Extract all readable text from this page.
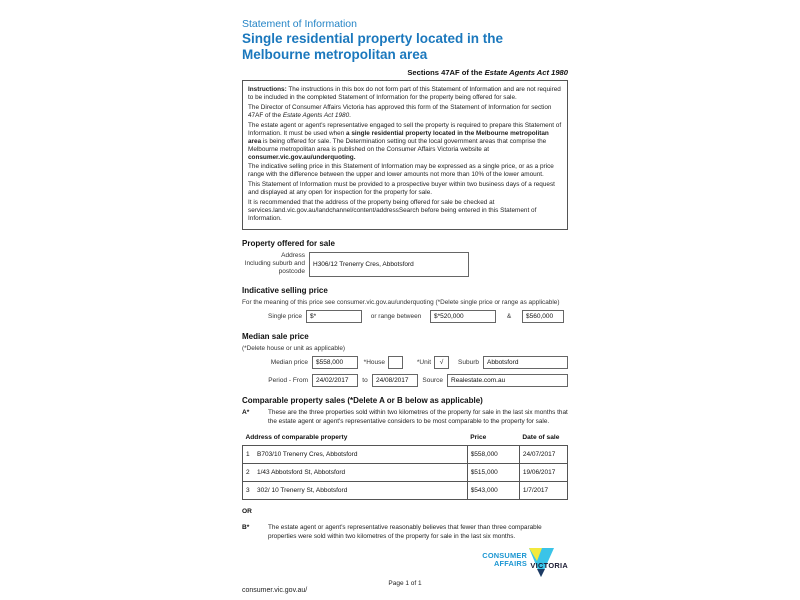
Statement of Information
Single residential property located in the Melbourne metropolitan area
Sections 47AF of the Estate Agents Act 1980

Instructions: The instructions in this box do not form part of this Statement of Information and are not required to be included in the completed Statement of Information for the property being offered for sale.

The Director of Consumer Affairs Victoria has approved this form of the Statement of Information for section 47AF of the Estate Agents Act 1980.

The estate agent or agent's representative engaged to sell the property is required to prepare this Statement of Information. It must be used when a single residential property located in the Melbourne metropolitan area is being offered for sale. The Determination setting out the local government areas that comprise the Melbourne metropolitan area is published on the Consumer Affairs Victoria website at consumer.vic.gov.au/underquoting.

The indicative selling price in this Statement of Information may be expressed as a single price, or as a price range with the difference between the upper and lower amounts not more than 10% of the lower amount.

This Statement of Information must be provided to a prospective buyer within two business days of a request and displayed at any open for inspection for the property for sale.

It is recommended that the address of the property being offered for sale be checked at services.land.vic.gov.au/landchannel/content/addressSearch before being entered in this Statement of Information.

Property offered for sale
Address
Including suburb and
postcode
H306/12 Trenerry Cres, Abbotsford
Indicative selling price
For the meaning of this price see consumer.vic.gov.au/underquoting (*Delete single price or range as applicable)
Single price	$*	or range between	$*520,000	&	$560,000
Median sale price
(*Delete house or unit as applicable)
Median price	$558,000	*House	*Unit	√	Suburb	Abbotsford
Period - From	24/02/2017	to	24/08/2017	Source	Realestate.com.au
Comparable property sales (*Delete A or B below as applicable)
A*	These are the three properties sold within two kilometres of the property for sale in the last six months that the estate agent or agent's representative considers to be most comparable to the property for sale.
Address of comparable property	Price	Date of sale
1 B703/10 Trenerry Cres, Abbotsford	$558,000	24/07/2017
2 1/43 Abbotsford St, Abbotsford	$515,000	19/06/2017
3 302/ 10 Trenerry St, Abbotsford	$543,000	1/7/2017
OR
B*	The estate agent or agent's representative reasonably believes that fewer than three comparable properties were sold within two kilometres of the property for sale in the last six months.
CONSUMER
AFFAIRS VICTORIA
consumer.vic.gov.au/
Page 1 of 1
